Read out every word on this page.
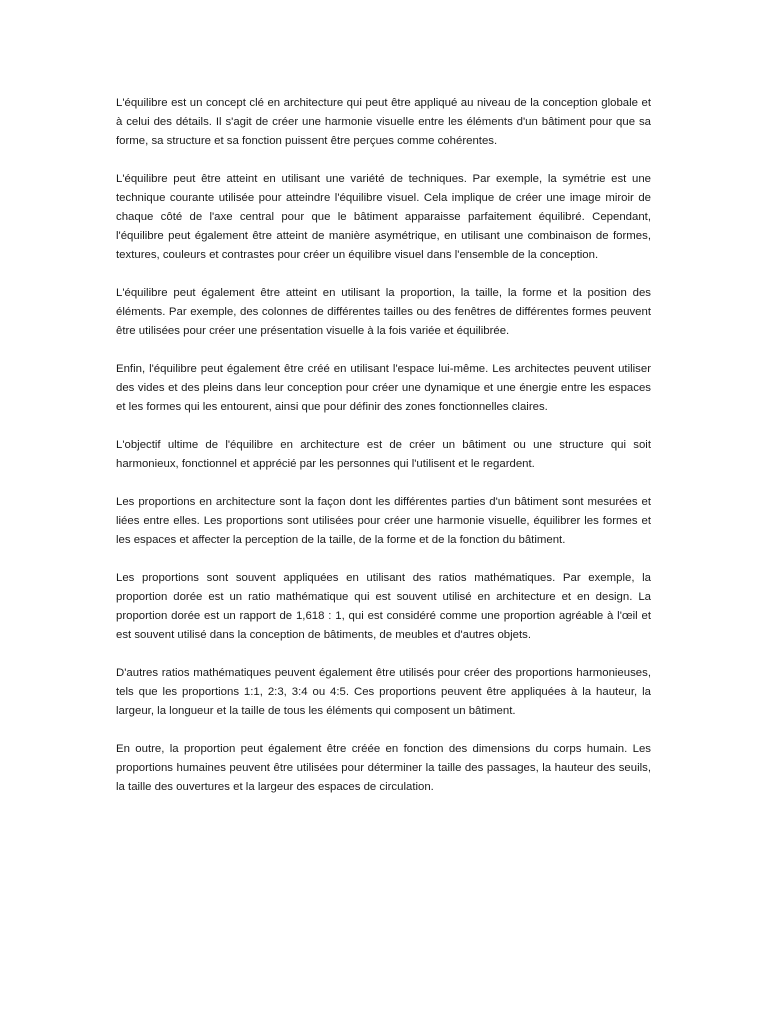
L'équilibre est un concept clé en architecture qui peut être appliqué au niveau de la conception globale et à celui des détails. Il s'agit de créer une harmonie visuelle entre les éléments d'un bâtiment pour que sa forme, sa structure et sa fonction puissent être perçues comme cohérentes.

L'équilibre peut être atteint en utilisant une variété de techniques. Par exemple, la symétrie est une technique courante utilisée pour atteindre l'équilibre visuel. Cela implique de créer une image miroir de chaque côté de l'axe central pour que le bâtiment apparaisse parfaitement équilibré. Cependant, l'équilibre peut également être atteint de manière asymétrique, en utilisant une combinaison de formes, textures, couleurs et contrastes pour créer un équilibre visuel dans l'ensemble de la conception.

L'équilibre peut également être atteint en utilisant la proportion, la taille, la forme et la position des éléments. Par exemple, des colonnes de différentes tailles ou des fenêtres de différentes formes peuvent être utilisées pour créer une présentation visuelle à la fois variée et équilibrée.

Enfin, l'équilibre peut également être créé en utilisant l'espace lui-même. Les architectes peuvent utiliser des vides et des pleins dans leur conception pour créer une dynamique et une énergie entre les espaces et les formes qui les entourent, ainsi que pour définir des zones fonctionnelles claires.

L'objectif ultime de l'équilibre en architecture est de créer un bâtiment ou une structure qui soit harmonieux, fonctionnel et apprécié par les personnes qui l'utilisent et le regardent.

Les proportions en architecture sont la façon dont les différentes parties d'un bâtiment sont mesurées et liées entre elles. Les proportions sont utilisées pour créer une harmonie visuelle, équilibrer les formes et les espaces et affecter la perception de la taille, de la forme et de la fonction du bâtiment.

Les proportions sont souvent appliquées en utilisant des ratios mathématiques. Par exemple, la proportion dorée est un ratio mathématique qui est souvent utilisé en architecture et en design. La proportion dorée est un rapport de 1,618 : 1, qui est considéré comme une proportion agréable à l'œil et est souvent utilisé dans la conception de bâtiments, de meubles et d'autres objets.

D'autres ratios mathématiques peuvent également être utilisés pour créer des proportions harmonieuses, tels que les proportions 1:1, 2:3, 3:4 ou 4:5. Ces proportions peuvent être appliquées à la hauteur, la largeur, la longueur et la taille de tous les éléments qui composent un bâtiment.

En outre, la proportion peut également être créée en fonction des dimensions du corps humain. Les proportions humaines peuvent être utilisées pour déterminer la taille des passages, la hauteur des seuils, la taille des ouvertures et la largeur des espaces de circulation.
